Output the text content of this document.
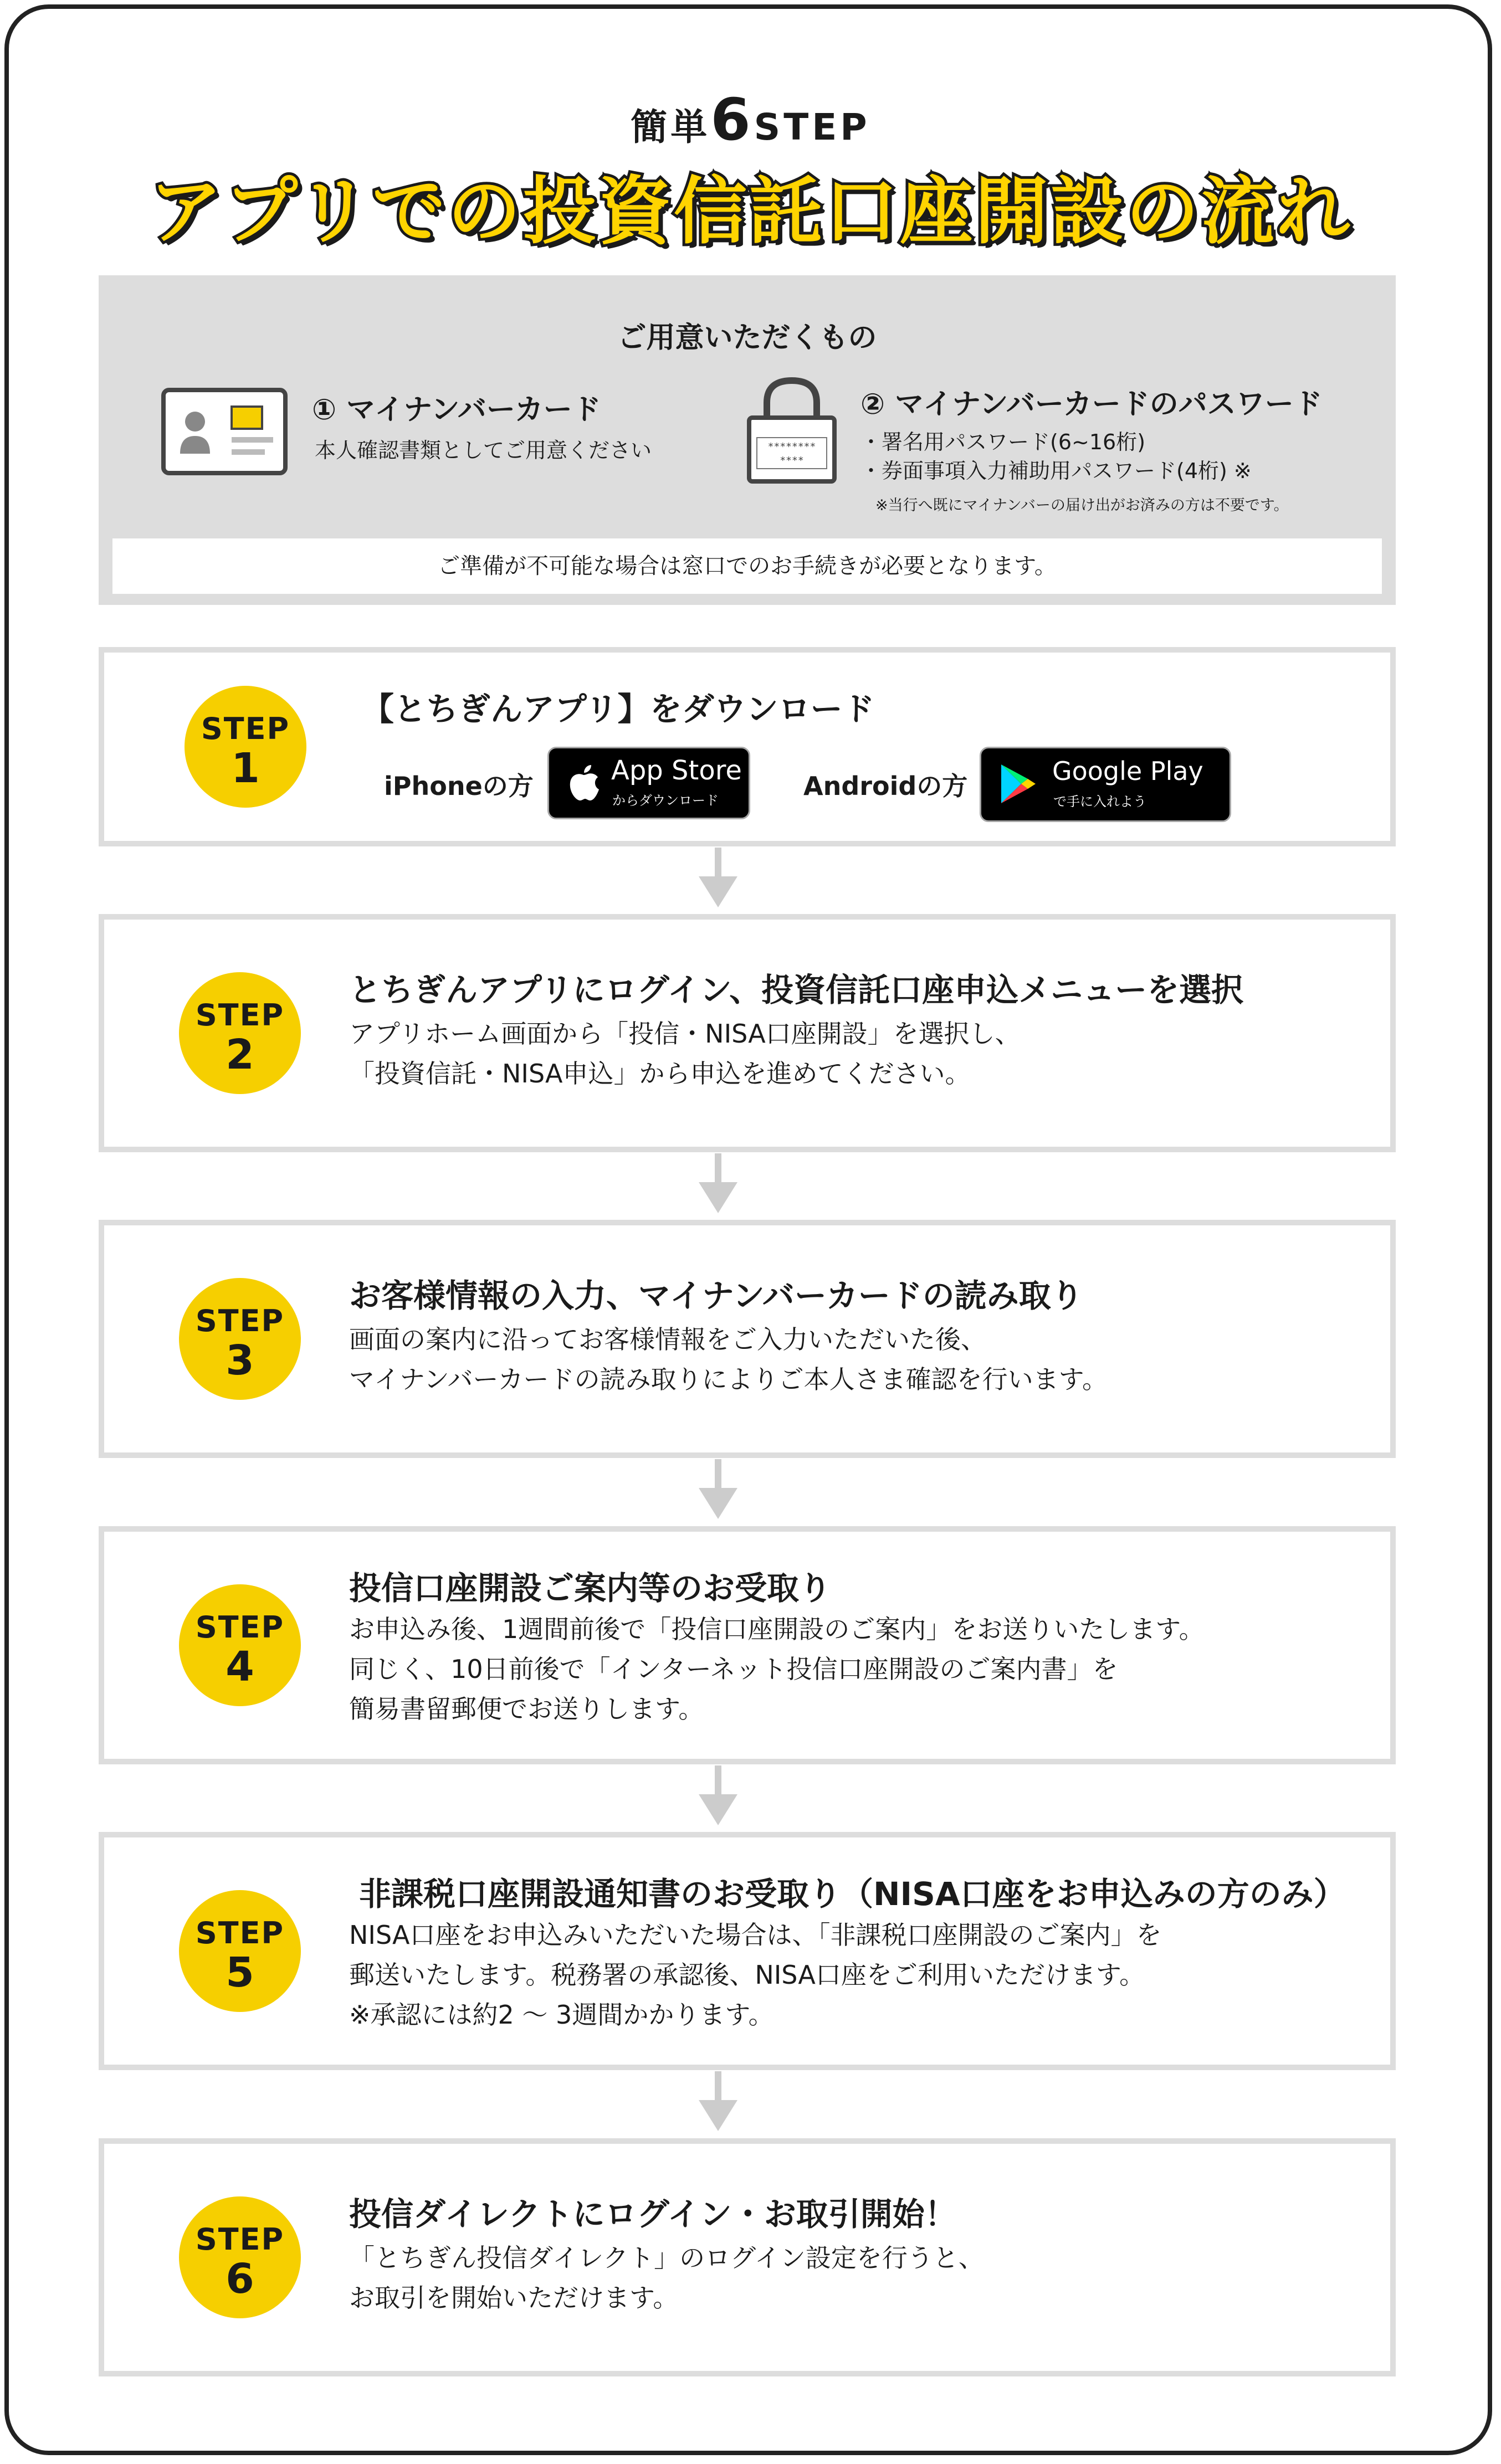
簡単6STEP
アプリでの投資信託口座開設の流れ
ご用意いただくもの
① マイナンバーカード
本人確認書類としてご用意ください	********
****
② マイナンバーカードのパスワード
・署名用パスワード(6~16桁)
・券面事項入力補助用パスワード(4桁) ※
※当行へ既にマイナンバーの届け出がお済みの方は不要です。
ご準備が不可能な場合は窓口でのお手続きが必要となります。
STEP
1
【とちぎんアプリ】をダウンロード
iPhoneの方	App Store
からダウンロード	Androidの方	Google Play
で手に入れよう
STEP
2
とちぎんアプリにログイン、投資信託口座申込メニューを選択
アプリホーム画面から「投信・NISA口座開設」を選択し、
「投資信託・NISA申込」から申込を進めてください。
STEP
3
お客様情報の入力、マイナンバーカードの読み取り
画面の案内に沿ってお客様情報をご入力いただいた後、
マイナンバーカードの読み取りによりご本人さま確認を行います。
STEP
4
投信口座開設ご案内等のお受取り
お申込み後、1週間前後で「投信口座開設のご案内」をお送りいたします。
同じく、10日前後で「インターネット投信口座開設のご案内書」を
簡易書留郵便でお送りします。
STEP
5
非課税口座開設通知書のお受取り（NISA口座をお申込みの方のみ）
NISA口座をお申込みいただいた場合は、「非課税口座開設のご案内」を
郵送いたします。税務署の承認後、NISA口座をご利用いただけます。
※承認には約2 〜 3週間かかります。
STEP
6
投信ダイレクトにログイン・お取引開始！
「とちぎん投信ダイレクト」のログイン設定を行うと、
お取引を開始いただけます。
